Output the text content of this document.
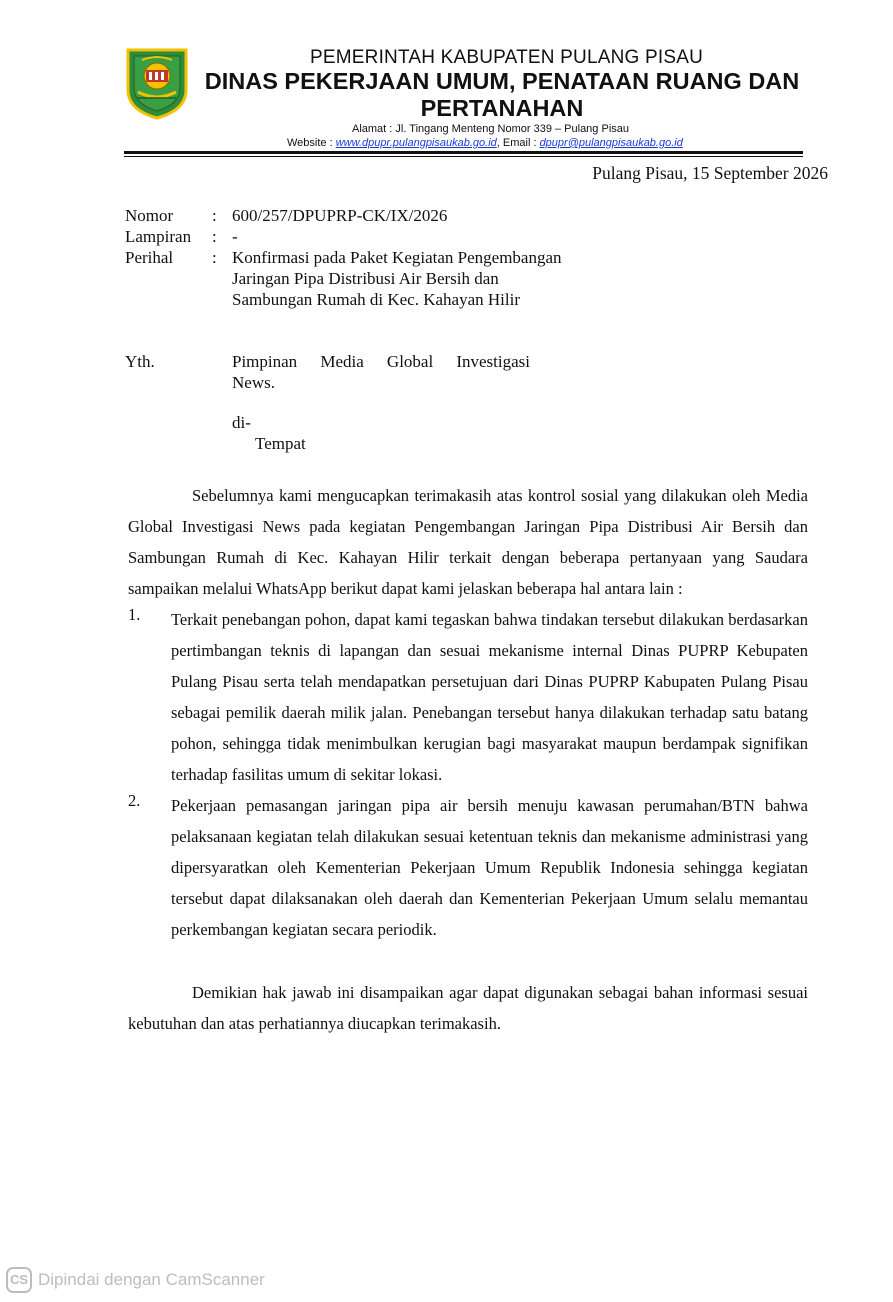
PEMERINTAH KABUPATEN PULANG PISAU
DINAS PEKERJAAN UMUM, PENATAAN RUANG DAN PERTANAHAN
Alamat : Jl. Tingang Menteng Nomor 339 – Pulang Pisau
Website : www.dpupr.pulangpisaukab.go.id, Email : dpupr@pulangpisaukab.go.id
Pulang Pisau, 15 September 2026
Nomor : 600/257/DPUPRP-CK/IX/2026
Lampiran : -
Perihal : Konfirmasi pada Paket Kegiatan Pengembangan Jaringan Pipa Distribusi Air Bersih dan Sambungan Rumah di Kec. Kahayan Hilir
Yth.	Pimpinan Media Global Investigasi
News.
di-
Tempat
Sebelumnya kami mengucapkan terimakasih atas kontrol sosial yang dilakukan oleh Media Global Investigasi News pada kegiatan Pengembangan Jaringan Pipa Distribusi Air Bersih dan Sambungan Rumah di Kec. Kahayan Hilir terkait dengan beberapa pertanyaan yang Saudara sampaikan melalui WhatsApp berikut dapat kami jelaskan beberapa hal antara lain :
1. Terkait penebangan pohon, dapat kami tegaskan bahwa tindakan tersebut dilakukan berdasarkan pertimbangan teknis di lapangan dan sesuai mekanisme internal Dinas PUPRP Kebupaten Pulang Pisau serta telah mendapatkan persetujuan dari Dinas PUPRP Kabupaten Pulang Pisau sebagai pemilik daerah milik jalan. Penebangan tersebut hanya dilakukan terhadap satu batang pohon, sehingga tidak menimbulkan kerugian bagi masyarakat maupun berdampak signifikan terhadap fasilitas umum di sekitar lokasi.
2. Pekerjaan pemasangan jaringan pipa air bersih menuju kawasan perumahan/BTN bahwa pelaksanaan kegiatan telah dilakukan sesuai ketentuan teknis dan mekanisme administrasi yang dipersyaratkan oleh Kementerian Pekerjaan Umum Republik Indonesia sehingga kegiatan tersebut dapat dilaksanakan oleh daerah dan Kementerian Pekerjaan Umum selalu memantau perkembangan kegiatan secara periodik.
Demikian hak jawab ini disampaikan agar dapat digunakan sebagai bahan informasi sesuai kebutuhan dan atas perhatiannya diucapkan terimakasih.
CS Dipindai dengan CamScanner
